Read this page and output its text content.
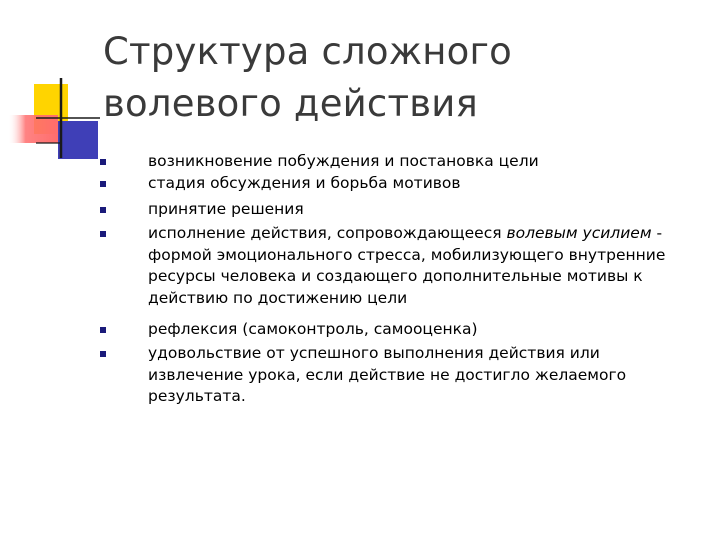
Структура сложного волевого действия
возникновение побуждения и постановка цели
стадия обсуждения и борьба мотивов
принятие решения
исполнение действия, сопровождающееся волевым усилием - формой эмоционального стресса, мобилизующего внутренние ресурсы человека и создающего дополнительные мотивы к действию по достижению цели
рефлексия (самоконтроль, самооценка)
удовольствие от успешного выполнения действия или извлечение урока, если действие не достигло желаемого результата.
